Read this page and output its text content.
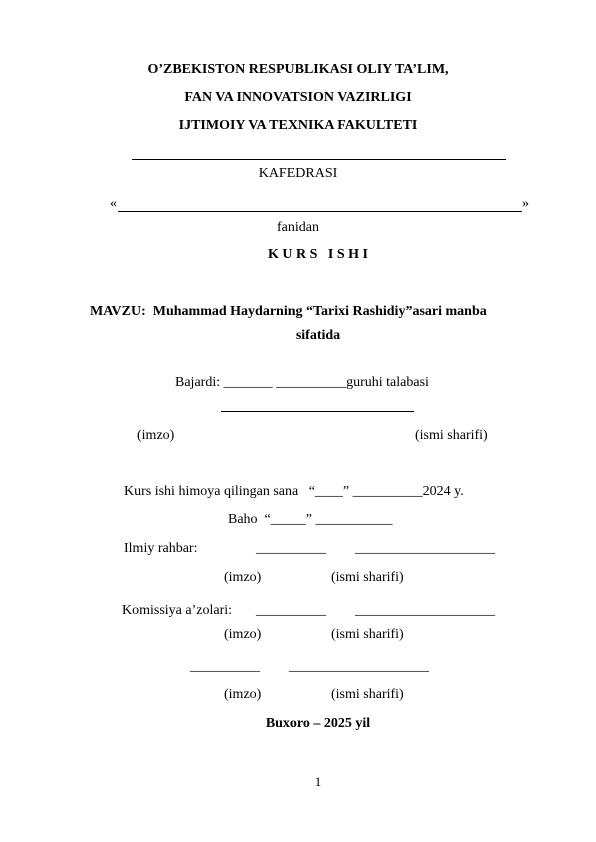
O’ZBEKISTON RESPUBLIKASI OLIY TA’LIM,
FAN VA INNOVATSION VAZIRLIGI
IJTIMOIY VA TEXNIKA FAKULTETI
KAFEDRASI
«	»
fanidan
K U R S   I S H I
MAVZU:  Muhammad Haydarning “Tarixi Rashidiy”asari manba
sifatida
Bajardi: _______ __________guruhi talabasi
(imzo)	(ismi sharifi)
Kurs ishi himoya qilingan sana   “____” __________2024 y.
Baho  “_____” ___________
Ilmiy rahbar:	__________ ____________________
(imzo)	(ismi sharifi)
Komissiya a’zolari: __________ ____________________
(imzo)	(ismi sharifi)
__________ ____________________
(imzo)	(ismi sharifi)
Buxoro – 2025 yil
1
